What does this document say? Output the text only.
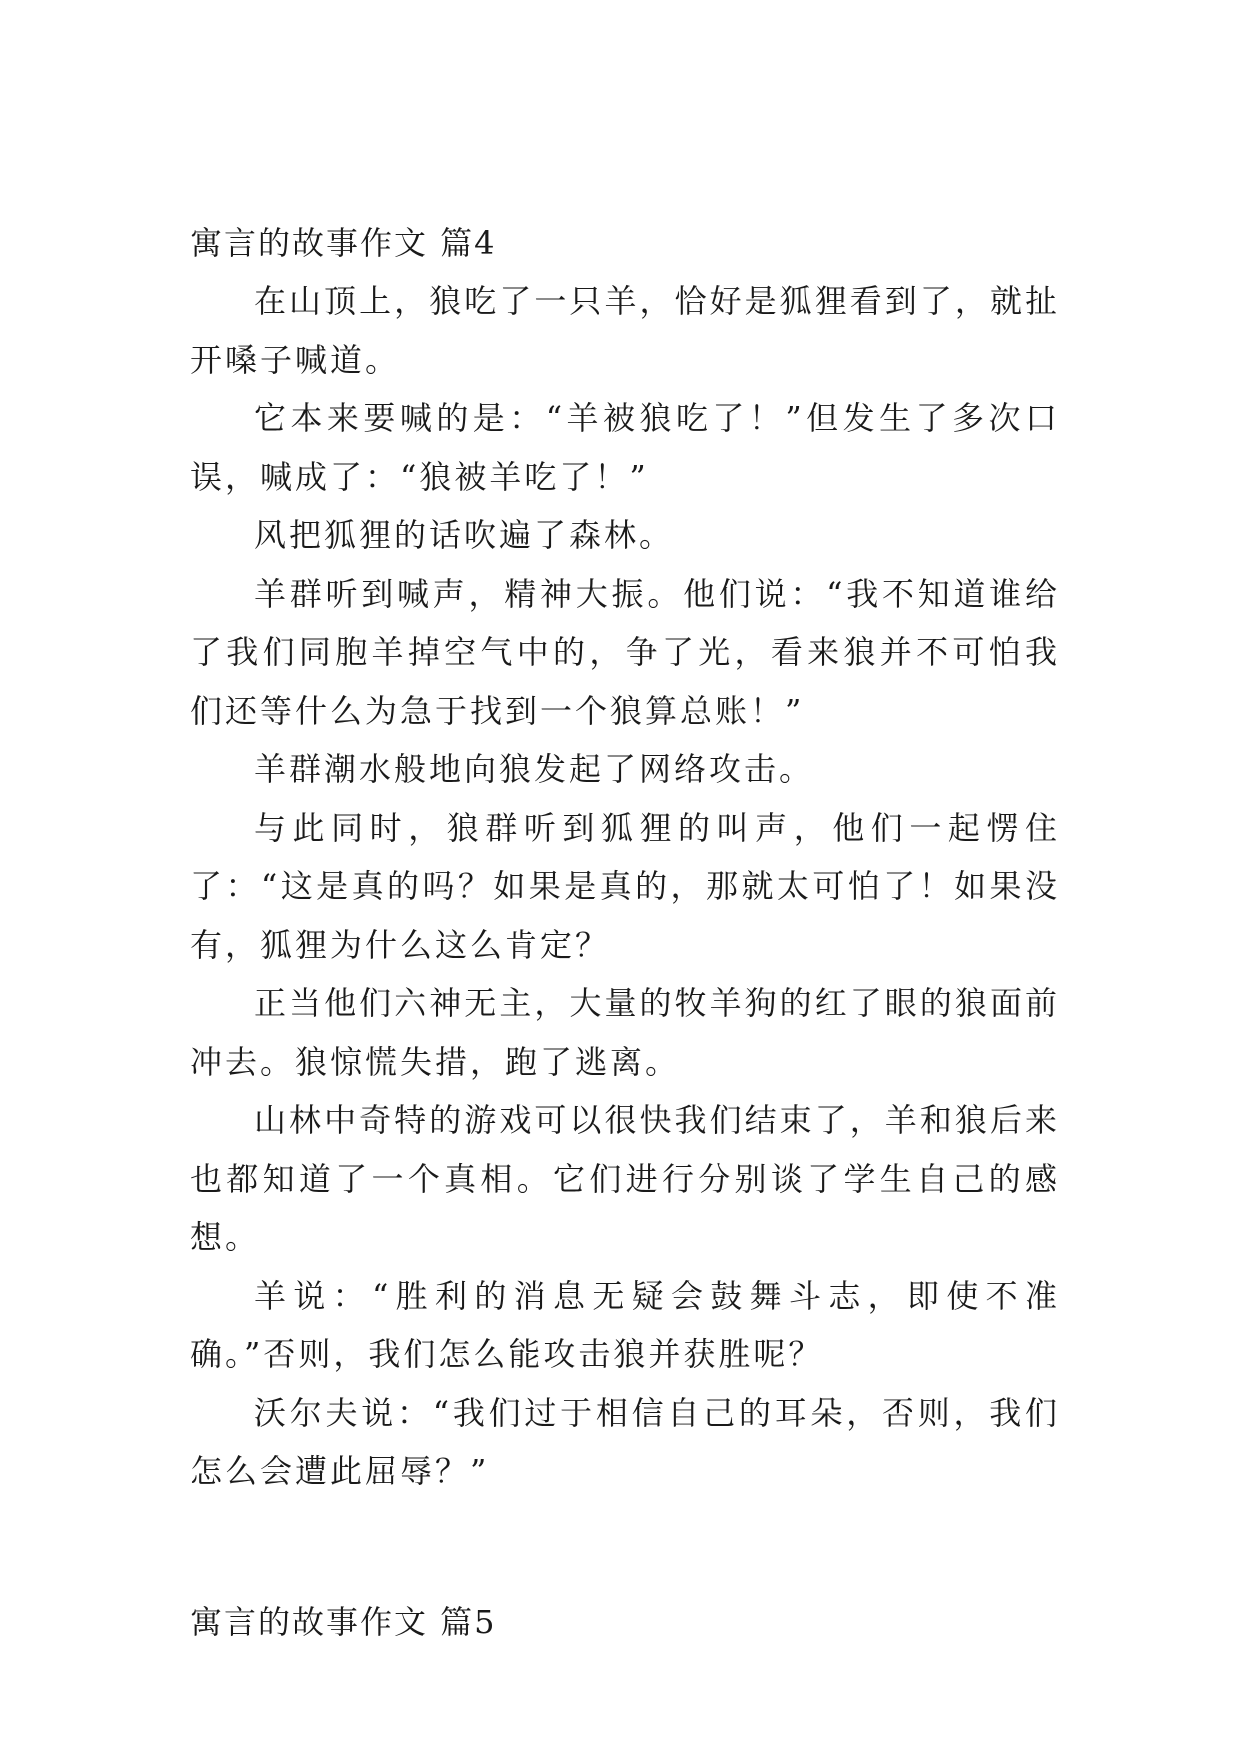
寓言的故事作文 篇4

在山顶上，狼吃了一只羊，恰好是狐狸看到了，就扯开嗓子喊道。

它本来要喊的是：“羊被狼吃了！”但发生了多次口误，喊成了：“狼被羊吃了！”

风把狐狸的话吹遍了森林。

羊群听到喊声，精神大振。他们说：“我不知道谁给了我们同胞羊掉空气中的，争了光，看来狼并不可怕我们还等什么为急于找到一个狼算总账！”

羊群潮水般地向狼发起了网络攻击。

与此同时，狼群听到狐狸的叫声，他们一起愣住了：“这是真的吗？如果是真的，那就太可怕了！如果没有，狐狸为什么这么肯定？

正当他们六神无主，大量的牧羊狗的红了眼的狼面前冲去。狼惊慌失措，跑了逃离。

山林中奇特的游戏可以很快我们结束了，羊和狼后来也都知道了一个真相。它们进行分别谈了学生自己的感想。

羊说：“胜利的消息无疑会鼓舞斗志，即使不准确。”否则，我们怎么能攻击狼并获胜呢？

沃尔夫说：“我们过于相信自己的耳朵，否则，我们怎么会遭此屈辱？”

寓言的故事作文 篇5
